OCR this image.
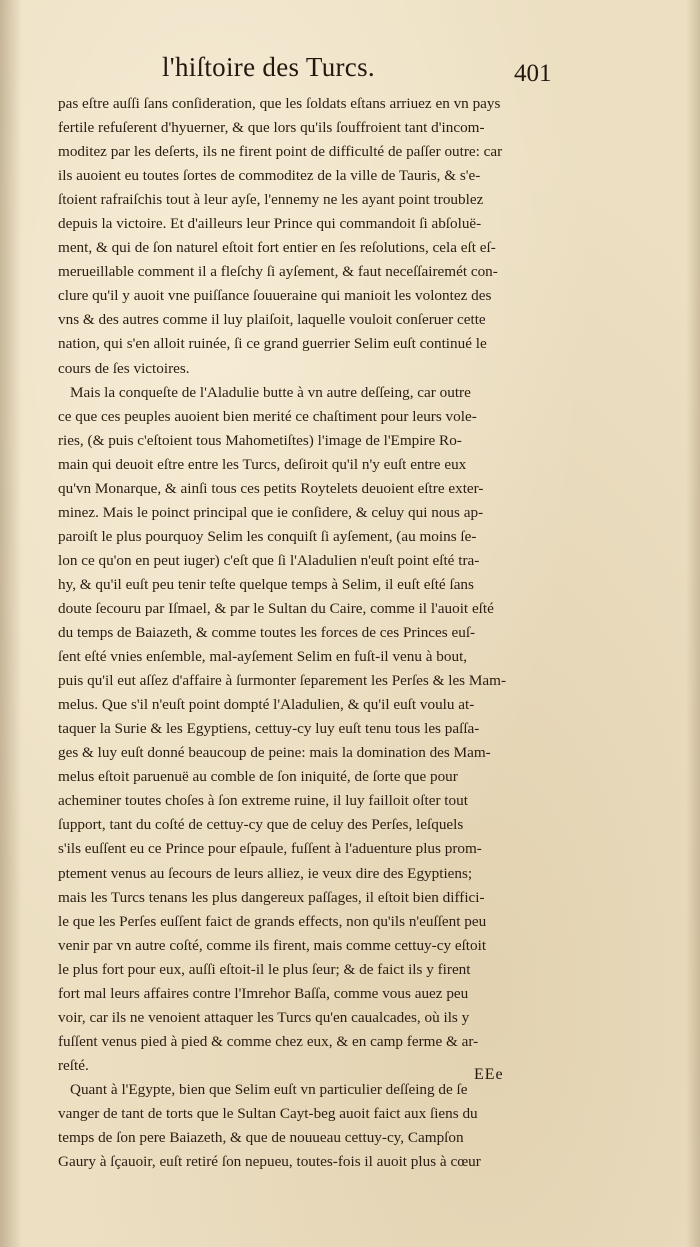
l'hiſtoire des Turcs.	401
pas eſtre auſſi ſans conſideration, que les ſoldats eſtans arriuez en vn pays
fertile refuſerent d'hyuerner, & que lors qu'ils ſouffroient tant d'incom-
moditez par les deſerts, ils ne firent point de difficulté de paſſer outre: car
ils auoient eu toutes ſortes de commoditez de la ville de Tauris, & s'e-
ſtoient rafraiſchis tout à leur ayſe, l'ennemy ne les ayant point troublez
depuis la victoire. Et d'ailleurs leur Prince qui commandoit ſi abſoluë-
ment, & qui de ſon naturel eſtoit fort entier en ſes reſolutions, cela eſt eſ-
merueillable comment il a fleſchy ſi ayſement, & faut neceſſairemét con-
clure qu'il y auoit vne puiſſance ſouueraine qui manioit les volontez des
vns & des autres comme il luy plaiſoit, laquelle vouloit conſeruer cette
nation, qui s'en alloit ruinée, ſi ce grand guerrier Selim euſt continué le
cours de ſes victoires.
Mais la conqueſte de l'Aladulie butte à vn autre deſſeing, car outre
ce que ces peuples auoient bien merité ce chaſtiment pour leurs vole-
ries, (& puis c'eſtoient tous Mahometiſtes) l'image de l'Empire Ro-
main qui deuoit eſtre entre les Turcs, deſiroit qu'il n'y euſt entre eux
qu'vn Monarque, & ainſi tous ces petits Roytelets deuoient eſtre exter-
minez. Mais le poinct principal que ie conſidere, & celuy qui nous ap-
paroiſt le plus pourquoy Selim les conquiſt ſi ayſement, (au moins ſe-
lon ce qu'on en peut iuger) c'eſt que ſi l'Aladulien n'euſt point eſté tra-
hy, & qu'il euſt peu tenir teſte quelque temps à Selim, il euſt eſté ſans
doute ſecouru par Iſmael, & par le Sultan du Caire, comme il l'auoit eſté
du temps de Baiazeth, & comme toutes les forces de ces Princes euſ-
ſent eſté vnies enſemble, mal-ayſement Selim en fuſt-il venu à bout,
puis qu'il eut aſſez d'affaire à ſurmonter ſeparement les Perſes & les Mam-
melus. Que s'il n'euſt point dompté l'Aladulien, & qu'il euſt voulu at-
taquer la Surie & les Egyptiens, cettuy-cy luy euſt tenu tous les paſſa-
ges & luy euſt donné beaucoup de peine: mais la domination des Mam-
melus eſtoit paruenuë au comble de ſon iniquité, de ſorte que pour
acheminer toutes choſes à ſon extreme ruine, il luy failloit oſter tout
ſupport, tant du coſté de cettuy-cy que de celuy des Perſes, leſquels
s'ils euſſent eu ce Prince pour eſpaule, fuſſent à l'aduenture plus prom-
ptement venus au ſecours de leurs alliez, ie veux dire des Egyptiens;
mais les Turcs tenans les plus dangereux paſſages, il eſtoit bien diffici-
le que les Perſes euſſent faict de grands effects, non qu'ils n'euſſent peu
venir par vn autre coſté, comme ils firent, mais comme cettuy-cy eſtoit
le plus fort pour eux, auſſi eſtoit-il le plus ſeur; & de faict ils y firent
fort mal leurs affaires contre l'Imrehor Baſſa, comme vous auez peu
voir, car ils ne venoient attaquer les Turcs qu'en caualcades, où ils y
fuſſent venus pied à pied & comme chez eux, & en camp ferme & ar-
reſté.
Quant à l'Egypte, bien que Selim euſt vn particulier deſſeing de ſe
vanger de tant de torts que le Sultan Cayt-beg auoit faict aux ſiens du
temps de ſon pere Baiazeth, & que de nouueau cettuy-cy, Campſon
Gaury à ſçauoir, euſt retiré ſon nepueu, toutes-fois il auoit plus à cœur
EEe
